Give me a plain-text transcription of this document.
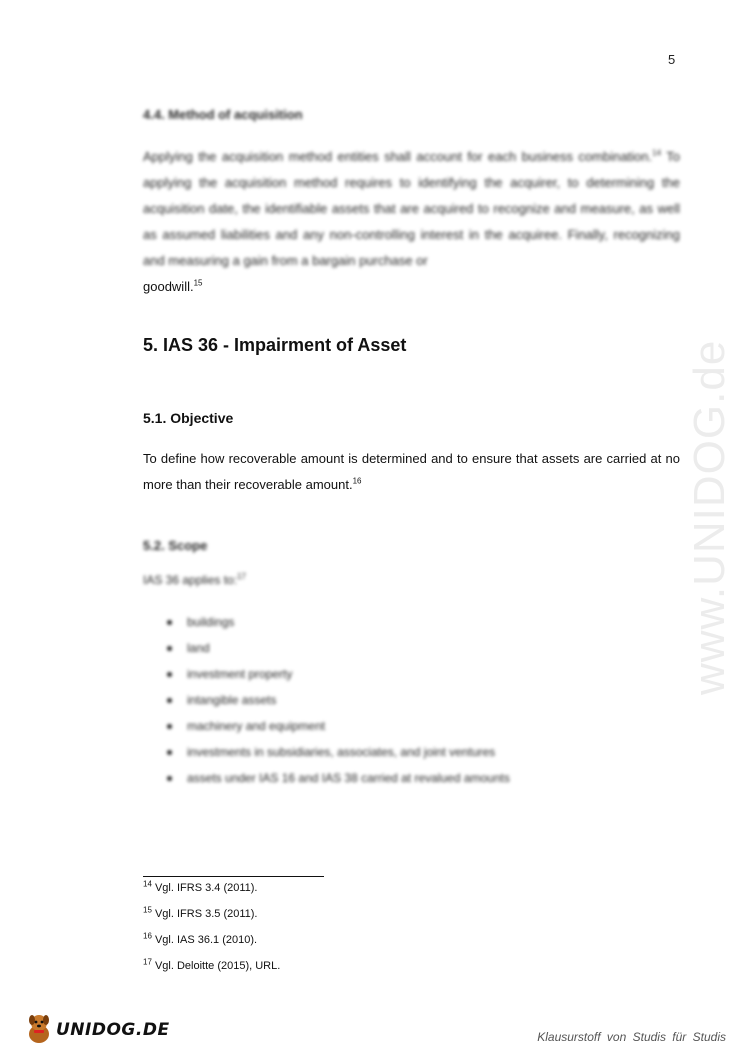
5
4.4. Method of acquisition
Applying the acquisition method entities shall account for each business combination.$^{14}$ To applying the acquisition method requires to identifying the acquirer, to determining the acquisition date, the identifiable assets that are acquired to recognize and measure, as well as assumed liabilities and any non-controlling interest in the acquiree. Finally, recognizing and measuring a gain from a bargain purchase or
goodwill.$^{15}$
5. IAS 36 - Impairment of Asset
5.1. Objective
To define how recoverable amount is determined and to ensure that assets are carried at no more than their recoverable amount.$^{16}$
5.2. Scope
IAS 36 applies to:$^{17}$
buildings
land
investment property
intangible assets
machinery and equipment
investments in subsidiaries, associates, and joint ventures
assets under IAS 16 and IAS 38 carried at revalued amounts
$^{14}$ Vgl. IFRS 3.4 (2011).
$^{15}$ Vgl. IFRS 3.5 (2011).
$^{16}$ Vgl. IAS 36.1 (2010).
$^{17}$ Vgl. Deloitte (2015), URL.
www.UNIDOG.de
UNIDOG.DE	Klausurstoff von Studis für Studis
